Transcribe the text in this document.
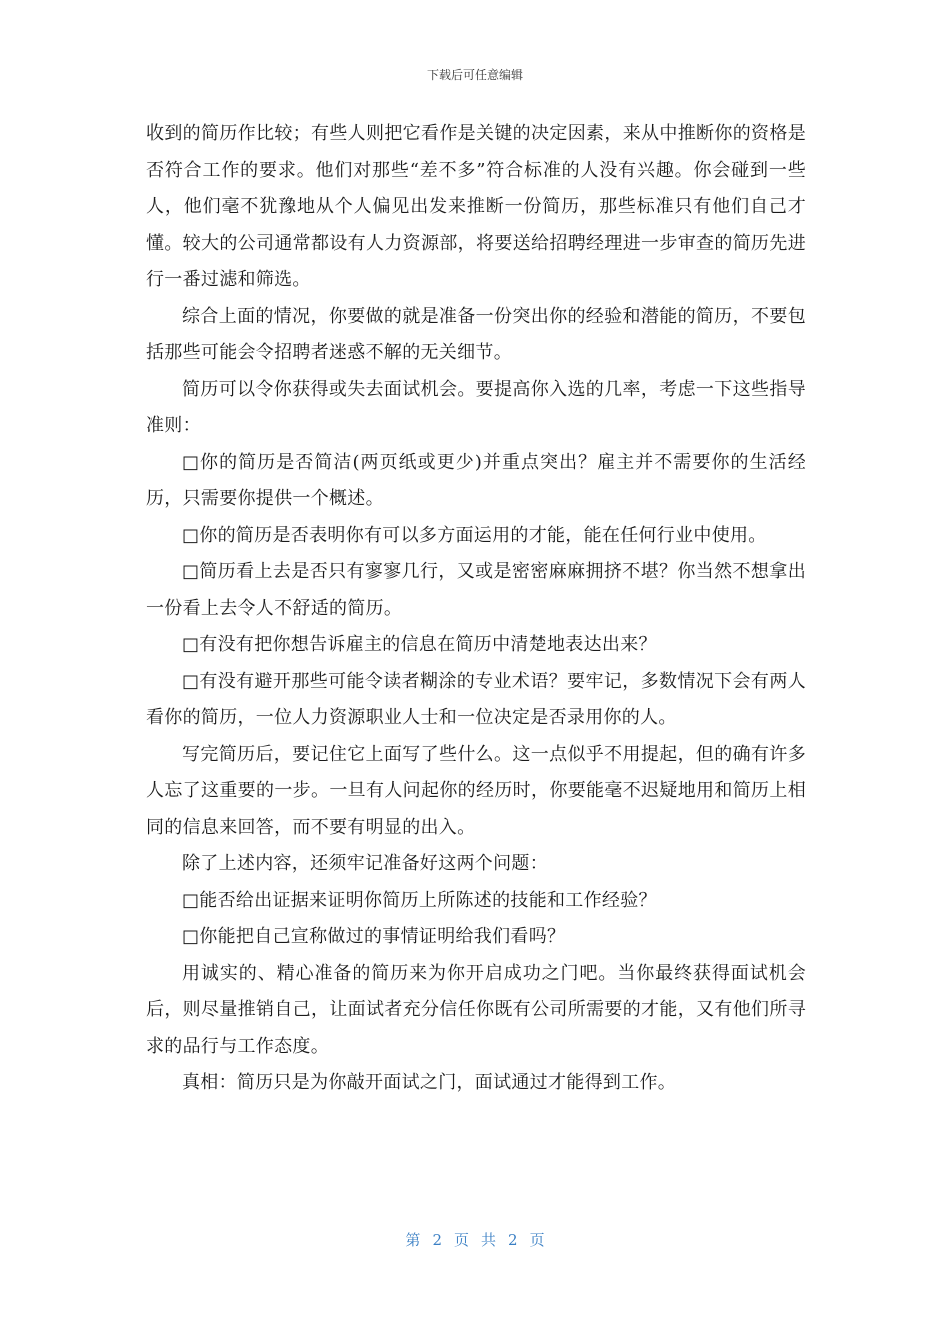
下载后可任意编辑

收到的简历作比较；有些人则把它看作是关键的决定因素，来从中推断你的资格是否符合工作的要求。他们对那些“差不多”符合标准的人没有兴趣。你会碰到一些人，他们毫不犹豫地从个人偏见出发来推断一份简历，那些标准只有他们自己才懂。较大的公司通常都设有人力资源部，将要送给招聘经理进一步审查的简历先进行一番过滤和筛选。

综合上面的情况，你要做的就是准备一份突出你的经验和潜能的简历，不要包括那些可能会令招聘者迷惑不解的无关细节。

简历可以令你获得或失去面试机会。要提高你入选的几率，考虑一下这些指导准则：

□你的简历是否简洁(两页纸或更少)并重点突出？雇主并不需要你的生活经历，只需要你提供一个概述。

□你的简历是否表明你有可以多方面运用的才能，能在任何行业中使用。

□简历看上去是否只有寥寥几行，又或是密密麻麻拥挤不堪？你当然不想拿出一份看上去令人不舒适的简历。

□有没有把你想告诉雇主的信息在简历中清楚地表达出来？

□有没有避开那些可能令读者糊涂的专业术语？要牢记，多数情况下会有两人看你的简历，一位人力资源职业人士和一位决定是否录用你的人。

写完简历后，要记住它上面写了些什么。这一点似乎不用提起，但的确有许多人忘了这重要的一步。一旦有人问起你的经历时，你要能毫不迟疑地用和简历上相同的信息来回答，而不要有明显的出入。

除了上述内容，还须牢记准备好这两个问题：

□能否给出证据来证明你简历上所陈述的技能和工作经验？

□你能把自己宣称做过的事情证明给我们看吗？

用诚实的、精心准备的简历来为你开启成功之门吧。当你最终获得面试机会后，则尽量推销自己，让面试者充分信任你既有公司所需要的才能，又有他们所寻求的品行与工作态度。

真相：简历只是为你敲开面试之门，面试通过才能得到工作。

第 2 页 共 2 页
